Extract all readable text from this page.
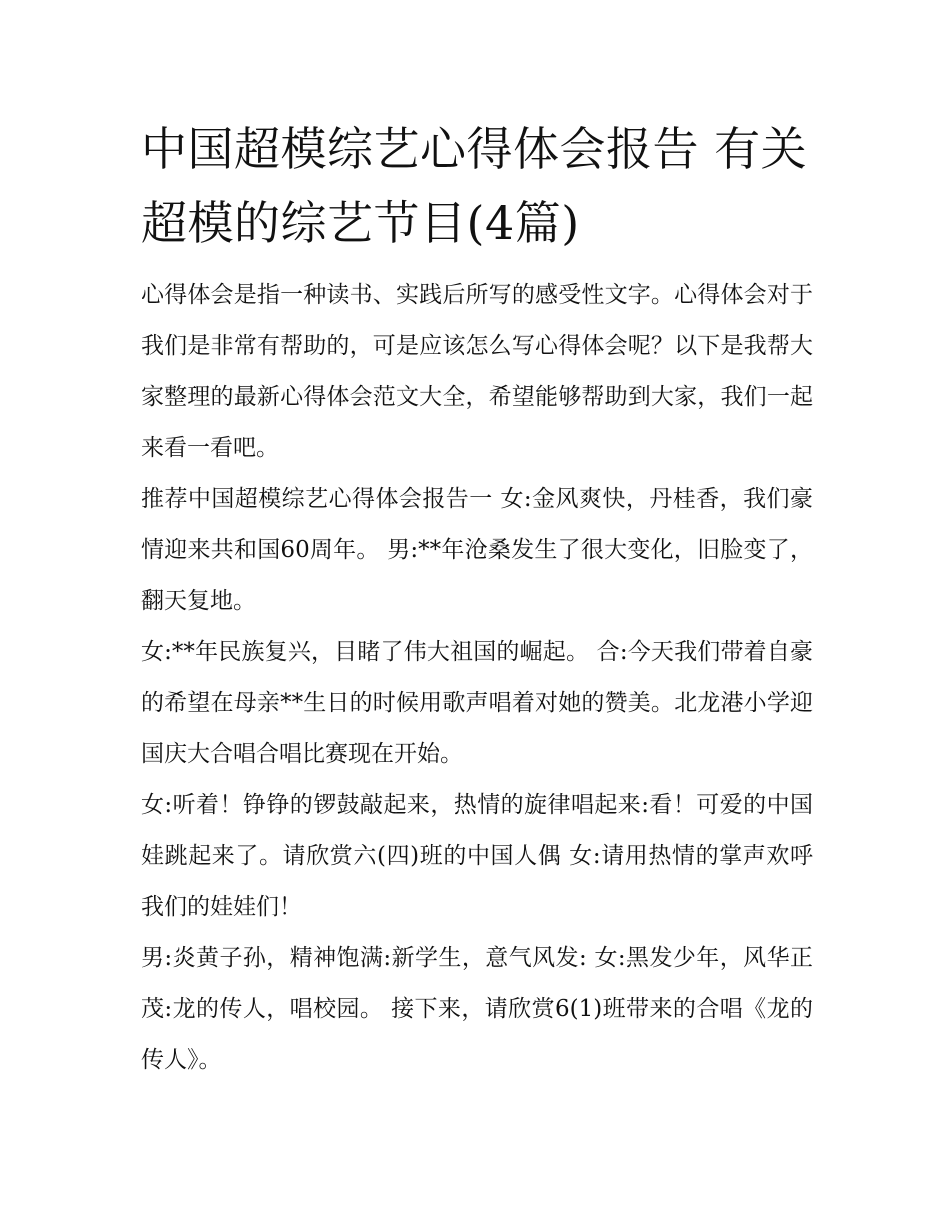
中国超模综艺心得体会报告 有关超模的综艺节目(4篇)

心得体会是指一种读书、实践后所写的感受性文字。心得体会对于我们是非常有帮助的，可是应该怎么写心得体会呢？以下是我帮大家整理的最新心得体会范文大全，希望能够帮助到大家，我们一起来看一看吧。

推荐中国超模综艺心得体会报告一 女:金风爽快，丹桂香，我们豪情迎来共和国60周年。 男:**年沧桑发生了很大变化，旧脸变了，翻天复地。

女:**年民族复兴，目睹了伟大祖国的崛起。 合:今天我们带着自豪的希望在母亲**生日的时候用歌声唱着对她的赞美。北龙港小学迎国庆大合唱合唱比赛现在开始。

女:听着！铮铮的锣鼓敲起来，热情的旋律唱起来:看！可爱的中国娃跳起来了。请欣赏六(四)班的中国人偶 女:请用热情的掌声欢呼我们的娃娃们！

男:炎黄子孙，精神饱满:新学生，意气风发: 女:黑发少年，风华正茂:龙的传人，唱校园。 接下来，请欣赏6(1)班带来的合唱《龙的传人》。
